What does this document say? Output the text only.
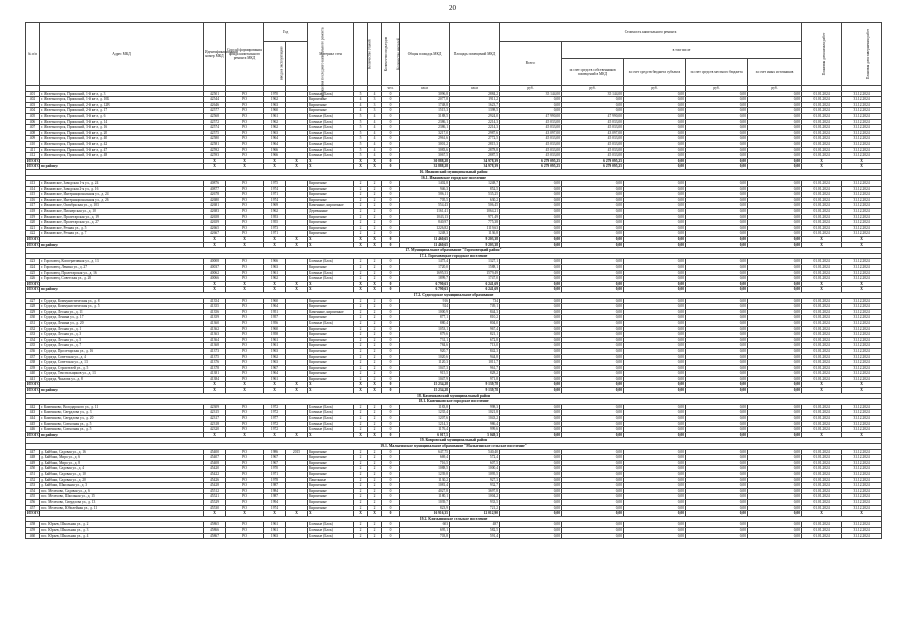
20
№ п/п	Адрес МКД	Идентификационный номер МКД	Способ формирования фонда капитального ремонта МКД	Год		Материал стен	Количество этажей	Количество подъездов	Количество жителей	Общая площадь МКД	Площадь помещений МКД	Стоимость капитального ремонта					Плановая дата начала работ	Плановая дата завершения работ
				ввода в эксплуатацию	завершения последнего капитального ремонта							Всего:	в том числе					
													за счет средств собственников помещений в МКД	за счет средств бюджета субъекта	за счет средств местного бюджета	за счет иных источников		
									чел.	кв.м	кв.м	руб.	руб.	руб.	руб.	руб.		
401	г. Железногорск, Приокский, 1-й кв-л, д. 3	42501	РО	1970		Блочные (Блок)	5	4	0	3096,8	2884,2	35 144,00	35 144,00	0,00	0,00	0,00	01.01.2024	31.12.2024
402	г. Железногорск, Приокский, 1-й кв-л, д. 10Б	42544	РО	1962		Кирпичные	4	3	0	2077,8	1911,2	0,00	0,00	0,00	0,00	0,00	01.01.2024	31.12.2024
403	г. Железногорск, Приокский, 2-й кв-л, д. 12В	42646	РО	1963		Кирпичные	4	3	0	1748,8	1623,7	0,00	0,00	0,00	0,00	0,00	01.01.2024	31.12.2024
404	г. Железногорск, Приокский, 2-й кв-л, д. 17	42577	РО	1960		Кирпичные	4	3	0	1515,3	1398,5	0,00	0,00	0,00	0,00	0,00	01.01.2024	31.12.2024
405	г. Железногорск, Приокский, 3-й кв-л, д. 6	42568	РО	1961		Блочные (Блок)	5	4	0	3188,5	2924,0	47 990,00	47 990,00	0,00	0,00	0,00	01.01.2024	31.12.2024
406	г. Железногорск, Приокский, 3-й кв-л, д. 14	42572	РО	1962		Блочные (Блок)	5	4	0	2386,1	2214,3	45 033,00	45 033,00	0,00	0,00	0,00	01.01.2024	31.12.2024
407	г. Железногорск, Приокский, 3-й кв-л, д. 16	42574	РО	1962		Блочные (Блок)	5	4	0	2386,1	2214,3	45 033,00	45 033,00	0,00	0,00	0,00	01.01.2024	31.12.2024
408	г. Железногорск, Приокский, 3-й кв-л, д. 20	42575	РО	1963		Блочные (Блок)	5	4	0	3217,0	2987,6	43 097,00	43 097,00	0,00	0,00	0,00	01.01.2024	31.12.2024
409	г. Железногорск, Приокский, 3-й кв-л, д. 40	42580	РО	1964		Блочные (Блок)	5	4	0	2961,6	2772,5	45 033,00	45 033,00	0,00	0,00	0,00	01.01.2024	31.12.2024
410	г. Железногорск, Приокский, 3-й кв-л, д. 42	42581	РО	1964		Блочные (Блок)	5	4	0	3001,2	2815,3	45 033,00	45 033,00	0,00	0,00	0,00	01.01.2024	31.12.2024
411	г. Железногорск, Приокский, 3-й кв-л, д. 47	42592	РО	1966		Блочные (Блок)	5	4	0	3083,6	2878,8	45 033,00	45 033,00	0,00	0,00	0,00	01.01.2024	31.12.2024
412	г. Железногорск, Приокский, 3-й кв-л, д. 48	42593	РО	1966		Блочные (Блок)	5	4	0	3067,5	2887,5	45 033,00	45 033,00	0,00	0,00	0,00	01.01.2024	31.12.2024
ИТОГО		X	X	X	X	X	X	X	0	30 888,28	34 978,39	6 279 095,25	6 279 095,25	0,00	0,00	0,00	X	X
ИТОГО по району:		X	X	X	X	X	X	X	0	32 888,28	34 978,39	6 279 095,25	6 279 095,25	0,00	0,00	0,00	X	X
16. Ивановский муниципальный район																		
16.1. Ивановское городское поселение																		
413	г. Ивановское, Заводская 1-я ул., д. 24	40876	РО	1975		Кирпичные	2	2	0	1402,8	1248,7	0,00	0,00	0,00	0,00	0,00	01.01.2024	31.12.2024
414	г. Ивановское, Заводская 2-я ул., д. 16	40877	РО	1974		Кирпичные	2	2	0	946,3	852,5	0,00	0,00	0,00	0,00	0,00	01.01.2024	31.12.2024
415	г. Ивановское, Интернациональная ул., д. 24	42678	РО	1971		Кирпичные	2	2	0	586,11	535,25	0,00	0,00	0,00	0,00	0,00	01.01.2024	31.12.2024
416	г. Ивановское, Интернациональная ул., д. 26	42680	РО	1974		Кирпичные	2	2	0	705,5	630,2	0,00	0,00	0,00	0,00	0,00	01.01.2024	31.12.2024
417	г. Ивановское, Октябрьская ул., д. 103	42681	РО	1969		Каменные, кирпичные	2	2	0	554,43	506,45	0,00	0,00	0,00	0,00	0,00	01.01.2024	31.12.2024
418	г. Ивановское, Пионерская ул., д. 10	42683	РО	1962		Деревянные	2	2	0	1161,41	1064,21	0,00	0,00	0,00	0,00	0,00	01.01.2024	31.12.2024
419	г. Ивановское, Пролетарская ул., д. 19	42658	РО	1953		Кирпичные	2	2	0	1043,13	971,49	0,00	0,00	0,00	0,00	0,00	01.01.2024	31.12.2024
420	г. Ивановское, Пролетарская ул., д. 27	42659	РО	1955		Кирпичные	2	2	0	840,97	775,38	0,00	0,00	0,00	0,00	0,00	01.01.2024	31.12.2024
421	г. Ивановское, Речная ул., д. 5	42665	РО	1973		Кирпичные	2	2	0	1226,82	1119,63	0,00	0,00	0,00	0,00	0,00	01.01.2024	31.12.2024
422	г. Ивановское, Речная ул., д. 7	42667	РО	1971		Кирпичные	2	2	0	1248,3	1136,8	0,00	0,00	0,00	0,00	0,00	01.01.2024	31.12.2024
ИТОГО		X	X	X	X	X	X	X	0	11 460,65	9 203,38	0,00	0,00	0,00	0,00	0,00	X	X
ИТОГО по району:		X	X	X	X	X	X	X	0	11 460,65	9 203,38	0,00	0,00	0,00	0,00	0,00	X	X
17. Муниципальное образование "Гороховецкий район"																		
17.1. Гороховецкое городское поселение																		
423	г. Гороховец, Кооперативная ул., д. 13	40008	РО	1966		Блочные (Блок)	2	2	0	1475,4	1327,1	0,00	0,00	0,00	0,00	0,00	01.01.2024	31.12.2024
424	г. Гороховец, Ленина ул., д. 27	40037	РО	1963		Кирпичные	2	2	0	1720,0	1588,1	0,00	0,00	0,00	0,00	0,00	01.01.2024	31.12.2024
425	г. Гороховец, Пролетарская ул., д. 16	40062	РО	1961		Блочные (Блок)	2	2	0	1695,53	1579,49	0,00	0,00	0,00	0,00	0,00	01.01.2024	31.12.2024
426	г. Гороховец, Советская ул., д. 20	40066	РО	1962		Блочные (Блок)	2	2	0	1899,7	1747,0	0,00	0,00	0,00	0,00	0,00	01.01.2024	31.12.2024
ИТОГО		X	X	X	X	X	X	X	0	6 790,63	6 241,69	0,00	0,00	0,00	0,00	0,00	X	X
ИТОГО по району:		X	X	X	X	X	X	X	0	6 790,63	6 241,69	0,00	0,00	0,00	0,00	0,00	X	X
17.2. Судогодское муниципальное образование																		
427	г. Судогда, Коммунистическая ул., д. 8	41354	РО	1960		Кирпичные	2	2	0	916	734	0,00	0,00	0,00	0,00	0,00	01.01.2024	31.12.2024
428	г. Судогда, Коммунистическая ул., д. 5	41355	РО	1964		Кирпичные	2	2	0	924	749,1	0,00	0,00	0,00	0,00	0,00	01.01.2024	31.12.2024
429	г. Судогда, Лесная ул., д. 11	41356	РО	1951		Каменные, кирпичные	2	2	0	1000,9	844,3	0,00	0,00	0,00	0,00	0,00	01.01.2024	31.12.2024
430	г. Судогда, Ленина ул., д. 17	41359	РО	1957		Кирпичные	2	2	0	877,1	810,2	0,00	0,00	0,00	0,00	0,00	01.01.2024	31.12.2024
431	г. Судогда, Ленина ул., д. 20	41360	РО	1956		Блочные (Блок)	2	2	0	880,4	804,0	0,00	0,00	0,00	0,00	0,00	01.01.2024	31.12.2024
432	г. Судогда, Лесная ул., д. 1	41362	РО	1960		Кирпичные	2	2	0	1053,1	967,4	0,00	0,00	0,00	0,00	0,00	01.01.2024	31.12.2024
433	г. Судогда, Лесная ул., д. 3	41363	РО	1958		Кирпичные	2	2	0	879,6	821,1	0,00	0,00	0,00	0,00	0,00	01.01.2024	31.12.2024
434	г. Судогда, Лесная ул., д. 5	41364	РО	1961		Кирпичные	2	2	0	731,1	672,8	0,00	0,00	0,00	0,00	0,00	01.01.2024	31.12.2024
435	г. Судогда, Лесная ул., д. 7	41368	РО	1961		Кирпичные	2	2	0	784,6	713,0	0,00	0,00	0,00	0,00	0,00	01.01.2024	31.12.2024
436	г. Судогда, Пролетарская ул., д. 16	41373	РО	1963		Кирпичные	2	2	0	920,7	842,3	0,00	0,00	0,00	0,00	0,00	01.01.2024	31.12.2024
437	г. Судогда, Советская ул., д. 4	41375	РО	1962		Кирпичные	2	2	0	1020,6	944,8	0,00	0,00	0,00	0,00	0,00	01.01.2024	31.12.2024
438	г. Судогда, Советская ул., д. 13	41376	РО	1963		Кирпичные	2	2	0	1120,3	1011,7	0,00	0,00	0,00	0,00	0,00	01.01.2024	31.12.2024
439	г. Судогда, Строителей ул., д. 5	41378	РО	1967		Кирпичные	2	2	0	1047,3	961,7	0,00	0,00	0,00	0,00	0,00	01.01.2024	31.12.2024
440	г. Судогда, Текстильщиков ул., д. 13	41381	РО	1964		Кирпичные	2	2	0	915,5	828,2	0,00	0,00	0,00	0,00	0,00	01.01.2024	31.12.2024
441	г. Судогда, Чкалова ул., д. 8	41384	РО	1961		Кирпичные	2	2	0	1047,9	971,8	0,00	0,00	0,00	0,00	0,00	01.01.2024	31.12.2024
ИТОГО		X	X	X	X	X	X	X	0	15 234,28	9 139,78	0,00	0,00	0,00	0,00	0,00	X	X
ИТОГО по району:		X	X	X	X	X	X	X	0	15 234,28	9 139,78	0,00	0,00	0,00	0,00	0,00	X	X
18. Камешковский муниципальный район																		
18.1. Камешковское городское поселение																		
442	г. Камешково, Володарского ул., д. 11	42309	РО	1972		Блочные (Блок)	2	2	0	1183,8	998,3	0,00	0,00	0,00	0,00	0,00	01.01.2024	31.12.2024
443	г. Камешково, Свердлова ул., д. 3	42315	РО	1972		Блочные (Блок)	2	2	0	1235,4	1021,8	0,00	0,00	0,00	0,00	0,00	01.01.2024	31.12.2024
444	г. Камешково, Свердлова ул., д. 20	42317	РО	1977		Блочные (Блок)	2	2	0	1207,6	1043,2	0,00	0,00	0,00	0,00	0,00	01.01.2024	31.12.2024
445	г. Камешково, Совхозная ул., д. 5	42318	РО	1972		Блочные (Блок)	2	2	0	1214,3	986,4	0,00	0,00	0,00	0,00	0,00	01.01.2024	31.12.2024
446	г. Камешково, Совхозная ул., д. 5	42320	РО	1972		Блочные (Блок)	2	2	0	1176,4	999,6	0,00	0,00	0,00	0,00	0,00	01.01.2024	31.12.2024
ИТОГО по району:		X	X	X	X	X	X	X	0	6 017,5	5 049,3	0,00	0,00	0,00	0,00	0,00	X	X
19. Ковровский муниципальный район																		
19.1. Малыгинское муниципальное образование "Малыгинское сельское поселение"																		
447	д. Байбаки, Садовая ул., д. 16	45400	РО	1986	2015	Кирпичные	2	2	0	647,75	540,40	0,00	0,00	0,00	0,00	0,00	01.01.2024	31.12.2024
448	д. Байбаки, Мира ул., д. 6	45407	РО	1967		Кирпичные	2	2	0	669,4	572,4	0,00	0,00	0,00	0,00	0,00	01.01.2024	31.12.2024
449	д. Байбаки, Мира ул., д. 8	45408	РО	1967		Кирпичные	2	2	0	716,5	607,5	0,00	0,00	0,00	0,00	0,00	01.01.2024	31.12.2024
450	д. Байбаки, Садовая ул., д. 4	45420	РО	1970		Кирпичные	2	2	0	1088,5	1000,4	0,00	0,00	0,00	0,00	0,00	01.01.2024	31.12.2024
451	д. Байбаки, Садовая ул., д. 10	45422	РО	1971		Кирпичные	2	2	0	1239,8	1095,5	0,00	0,00	0,00	0,00	0,00	01.01.2024	31.12.2024
452	д. Байбаки, Садовая ул., д. 20	45426	РО	1978		Панельные	2	2	0	1130,2	927,3	0,00	0,00	0,00	0,00	0,00	01.01.2024	31.12.2024
453	д. Байбаки, Школьная ул., д. 3	45428	РО	1987		Кирпичные	2	2	0	1081,4	932,7	0,00	0,00	0,00	0,00	0,00	01.01.2024	31.12.2024
454	пос. Мелехово, Садовая ул., д. 6	45512	РО	1984		Кирпичные	2	2	0	4027,8	3697,8	0,00	0,00	0,00	0,00	0,00	01.01.2024	31.12.2024
455	пос. Мелехово, Школьная ул., д. 15	45521	РО	1987		Кирпичные	2	2	0	1180,1	1004,2	0,00	0,00	0,00	0,00	0,00	01.01.2024	31.12.2024
456	пос. Мелехово, Свердлова ул., д. 13	45529	РО	1994		Кирпичные	2	2	0	1039,7	933,5	0,00	0,00	0,00	0,00	0,00	01.01.2024	31.12.2024
457	пос. Мелехово, Юбилейная ул., д. 11	45530	РО	1974		Кирпичные	2	2	0	823,9	721,2	0,00	0,00	0,00	0,00	0,00	01.01.2024	31.12.2024
ИТОГО		X	X	X	X	X	X	X	0	16 916,35	12 012,90	0,00	0,00	0,00	0,00	0,00	X	X
19.2. Клязьминское сельское поселение																		
458	пос. Юрьев, Школьная ул., д. 2	45865	РО	1961		Блочные (Блок)	2	2	0	603	487	0,00	0,00	0,00	0,00	0,00	01.01.2024	31.12.2024
459	пос. Юрьев, Школьная ул., д. 3	45866	РО	1961		Блочные (Блок)	2	2	0	695,1	582,5	0,00	0,00	0,00	0,00	0,00	01.01.2024	31.12.2024
460	пос. Юрьев, Школьная ул., д. 4	45867	РО	1963		Блочные (Блок)	2	2	0	703,8	591,4	0,00	0,00	0,00	0,00	0,00	01.01.2024	31.12.2024
